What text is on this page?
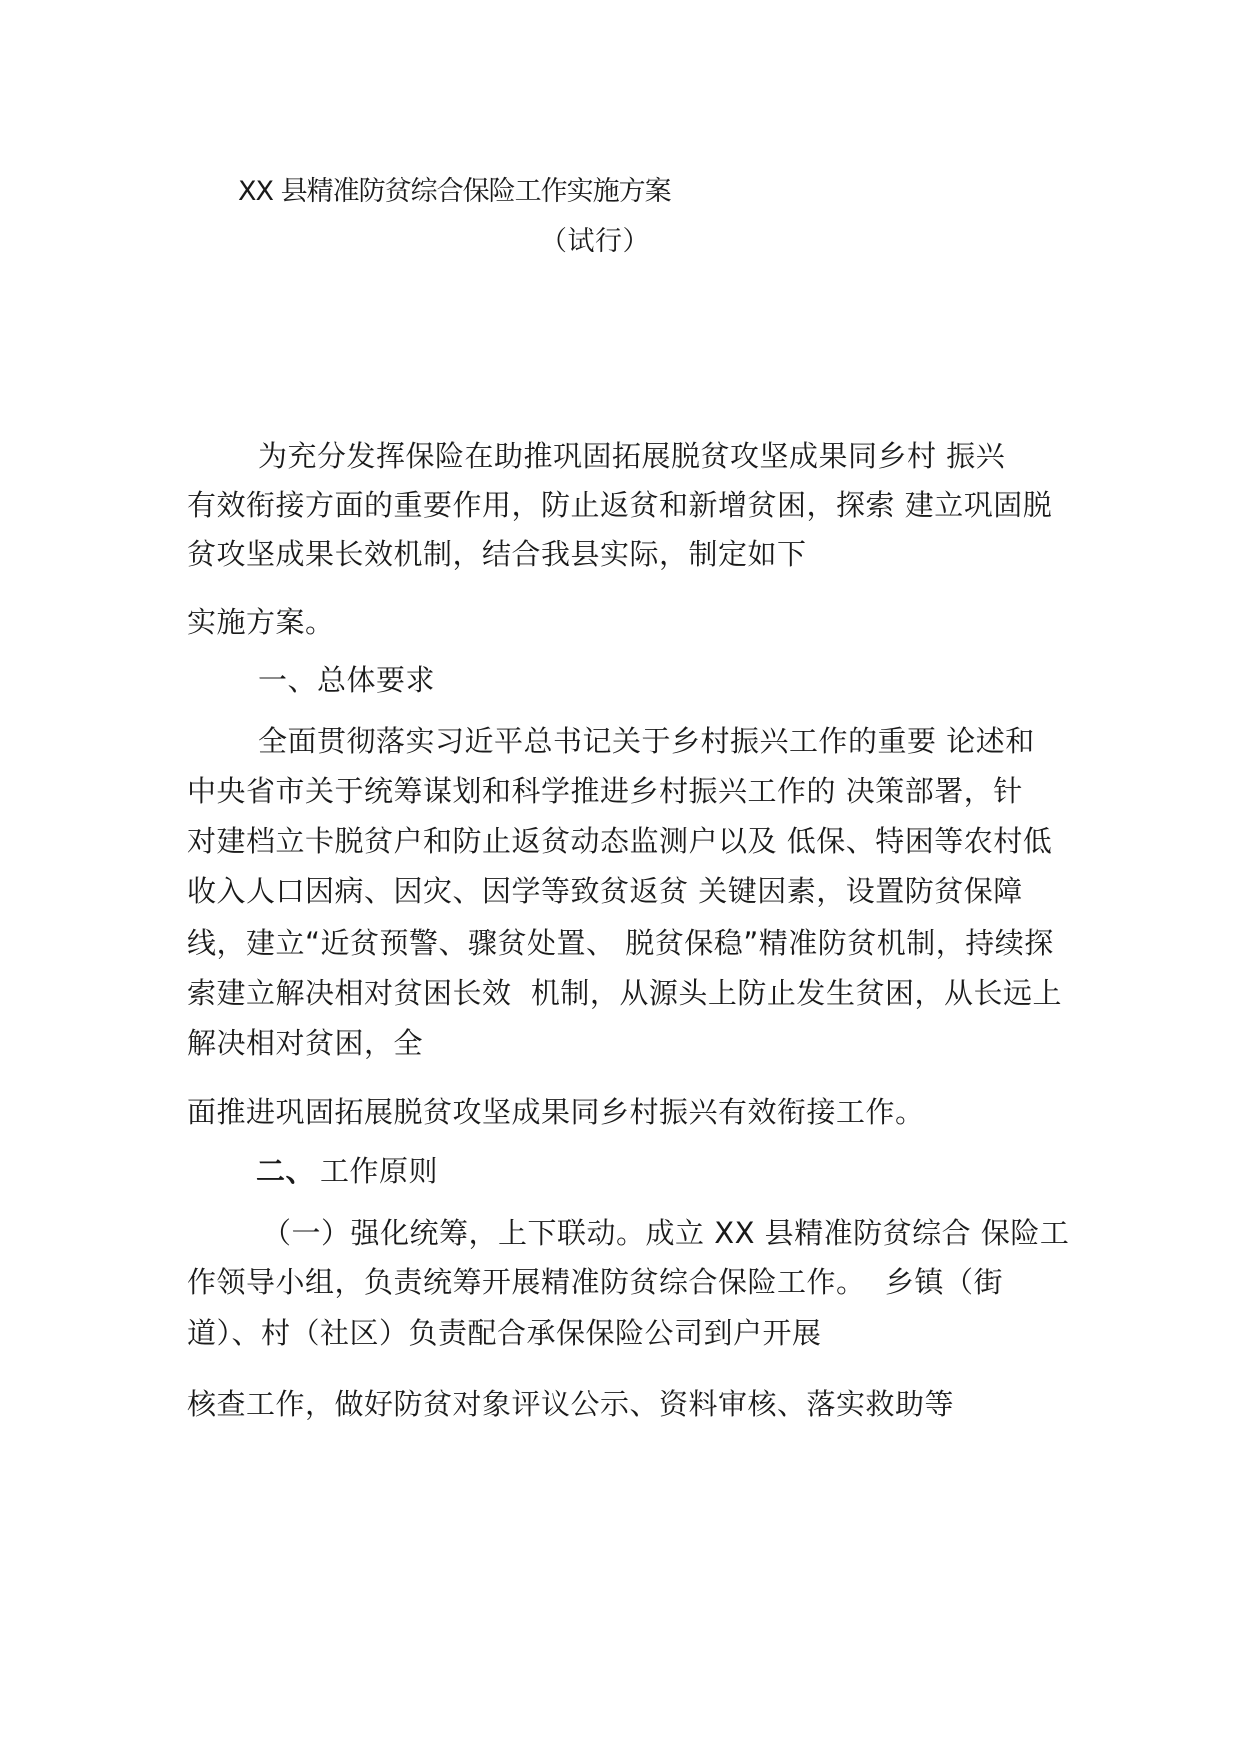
XX 县精准防贫综合保险工作实施方案
（试行）
为充分发挥保险在助推巩固拓展脱贫攻坚成果同乡村 振兴
有效衔接方面的重要作用，防止返贫和新增贫困，探索 建立巩固脱
贫攻坚成果长效机制，结合我县实际，制定如下
实施方案。
一、总体要求
全面贯彻落实习近平总书记关于乡村振兴工作的重要 论述和
中央省市关于统筹谋划和科学推进乡村振兴工作的 决策部署，针
对建档立卡脱贫户和防止返贫动态监测户以及 低保、特困等农村低
收入人口因病、因灾、因学等致贫返贫 关键因素，设置防贫保障
线，建立“近贫预警、骤贫处置、 脱贫保稳”精准防贫机制，持续探
索建立解决相对贫困长效  机制，从源头上防止发生贫困，从长远上
解决相对贫困，全
面推进巩固拓展脱贫攻坚成果同乡村振兴有效衔接工作。
二、 工作原则
（一）强化统筹，上下联动。成立 XX 县精准防贫综合 保险工
作领导小组，负责统筹开展精准防贫综合保险工作。  乡镇（街
道）、村（社区）负责配合承保保险公司到户开展
核查工作，做好防贫对象评议公示、资料审核、落实救助等
